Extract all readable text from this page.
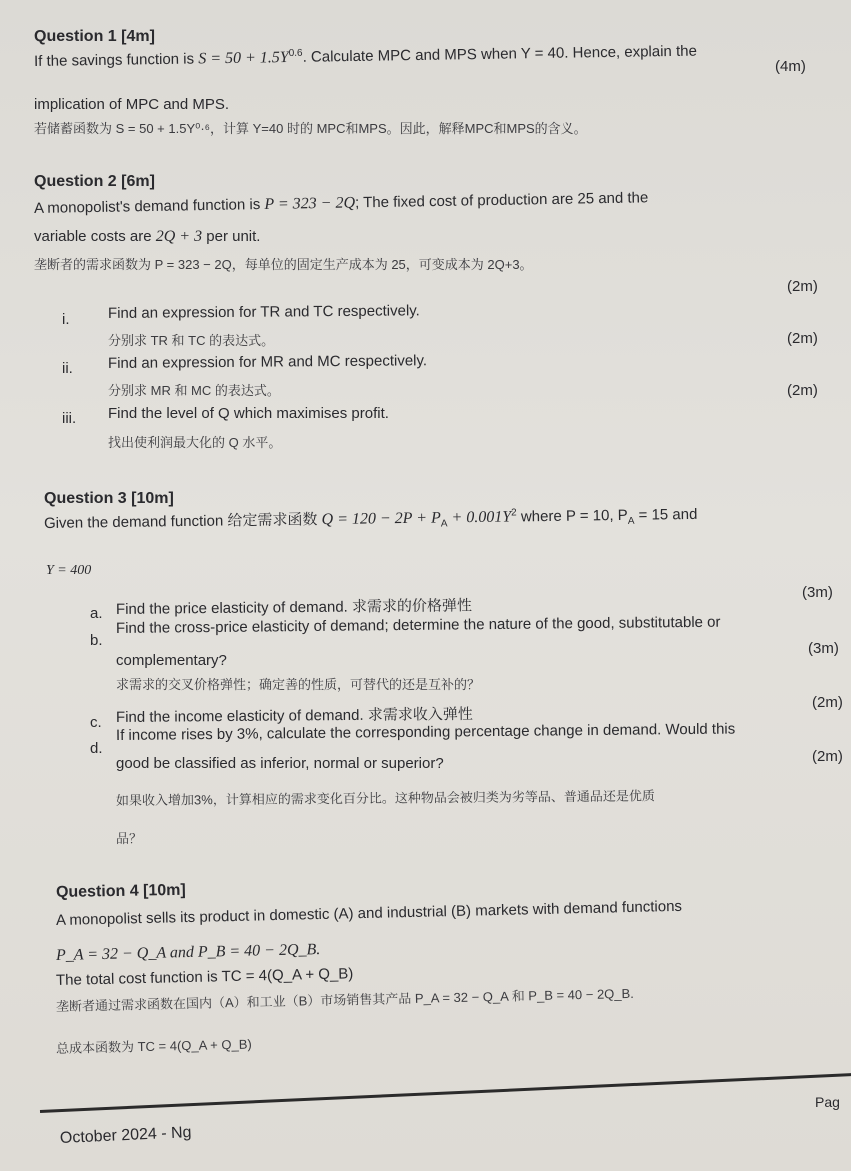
Question 1 [4m]
If the savings function is $S = 50 + 1.5Y^{0.6}$. Calculate MPC and MPS when Y = 40. Hence, explain the
(4m)
implication of MPC and MPS.
若储蓄函数为 S = 50 + 1.5Y⁰·⁶，计算 Y=40 时的 MPC和MPS。因此，解释MPC和MPS的含义。
Question 2 [6m]
A monopolist's demand function is P = 323 − 2Q; The fixed cost of production are 25 and the
variable costs are 2Q + 3 per unit.
垄断者的需求函数为 P = 323 − 2Q，每单位的固定生产成本为 25，可变成本为 2Q+3。
(2m)
i.	Find an expression for TR and TC respectively.
分别求 TR 和 TC 的表达式。	(2m)
ii. Find an expression for MR and MC respectively.
分别求 MR 和 MC 的表达式。	(2m)
iii. Find the level of Q which maximises profit.
找出使利润最大化的 Q 水平。
Question 3 [10m]
Given the demand function 给定需求函数 $Q = 120 - 2P + P_A + 0.001Y^2$ where P = 10, $P_A = 15$ and
Y = 400
(3m)
a. Find the price elasticity of demand. 求需求的价格弹性
b.
Find the cross-price elasticity of demand; determine the nature of the good, substitutable or
complementary?
(3m)
求需求的交叉价格弹性；确定善的性质，可替代的还是互补的？
(2m)
c. Find the income elasticity of demand. 求需求收入弹性
d.
If income rises by 3%, calculate the corresponding percentage change in demand. Would this
good be classified as inferior, normal or superior?	(2m)
如果收入增加3%，计算相应的需求变化百分比。这种物品会被归类为劣等品、普通品还是优质
品？
Question 4 [10m]
A monopolist sells its product in domestic (A) and industrial (B) markets with demand functions
P_A = 32 − Q_A and P_B = 40 − 2Q_B.
The total cost function is TC = 4(Q_A + Q_B)
垄断者通过需求函数在国内（A）和工业（B）市场销售其产品 P_A = 32 − Q_A 和 P_B = 40 − 2Q_B.
总成本函数为 TC = 4(Q_A + Q_B)
October 2024 - Ng
Pag
